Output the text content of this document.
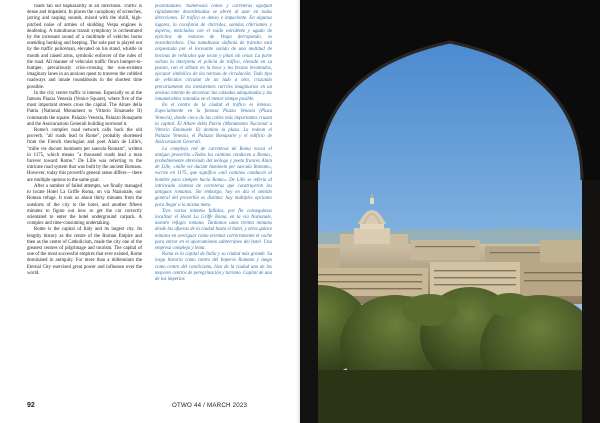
roads fan out haphazardly in all directions. Traffic is dense and impatient. In places the cacophony of screeches, jarring and rasping sounds, mixed with the shrill, high-pitched noise of armies of skidding Vespa engines is deafening. A tumultuous transit symphony is orchestrated by the incessant sound of a multitude of vehicles horns unending honking and beeping. The sole part is played out by the traffic policeman, elevated on his stand, whistle in mouth and raised arms, symbolic enforcer of the rules of the road. All manner of vehicular traffic flows bumper-to-bumper, precariously criss-crossing the non-existent imaginary lanes in an anxious quest to traverse the cobbled roadways and innate roundabouts in the shortest time possible.

In the city centre traffic is intense. Especially so at the famous Piazza Venezia (Venice Square), where five of the most important streets cross the capital. The Altare della Patria (National Monument to Vittorio Emanuele II) commands the square. Palazzo Venezia, Palazzo Bonaparte and the Assicurazioni Generali building surround it.

Rome's complex road network calls back the old proverb, "all roads lead to Rome", probably shortened from the French theologian and poet Alain de Lille's, "mille vie ducunt hominem per saecula Romam", written in 1175, which means "a thousand roads lead a man forever toward Rome." De Lille was referring to the intricate road system that was built by the ancient Romans. However, today this proverb's general sense differs— there are multiple options to the same goal.

After a number of failed attempts, we finally managed to locate Hotel La Griffe Roma, on via Nazionale, our Roman refuge. It took us about thirty minutes from the outskirts of the city to the hotel, and another fifteen minutes to figure out how to get the car correctly orientated to enter the hotel underground carpark. A complex and time-consuming undertaking.

Rome is the capital of Italy and its largest city. Its lengthy history as the centre of the Roman Empire and then as the centre of Catholicism, made the city one of the greatest centres of pilgrimage and tourism. The capital of one of the most successful empires that ever existed, Rome dominated in antiquity. For more than a millennium the Eternal City exercised great power and influence over the world.

posibilidades. Numerosas calles y carreteras agolpan rápidamente desordenadas se abren al azar en todas direcciones. El tráfico es denso e impaciente. En algunos lugares, la cacofonía de chirridos, sonidos chirriantes y ásperos, mezclados con el ruido estridente y agudo de ejércitos de motores de Vespa derrapando, es ensordecedora. Una tumultuosa sinfonía de tránsito está orquestada por el incesante sonido de una multitud de bocinas de vehículos que tocan y pitan sin cesar. La parte solista la interpreta el policía de tráfico, elevado en su puesto, con el silbato en la boca y los brazos levantados, ejecutor simbólico de las normas de circulación. Todo tipo de vehículos circulan de un lado a otro, cruzando precariamente los inexistentes carriles imaginarios en un ansioso intento de atravesar las calzadas adoquinadas y las innumerables rotondas en el menor tiempo posible.

En el centro de la ciudad el tráfico es intenso. Especialmente en la famosa Piazza Venezia (Plaza Venecia), donde cinco de las calles más importantes cruzan la capital. El Altare della Patria (Monumento Nacional a Vittorio Emanuele II) domina la plaza. La rodean el Palazzo Venezia, el Palazzo Bonaparte y el edificio de Assicurazioni Generali.

La compleja red de carreteras de Roma evoca el antiguo proverbio «Todos los caminos conducen a Roma», probablemente abreviado del teólogo y poeta francés Alain de Lille, «mille vie ducunt hominem per saecula Romam», escrito en 1175, que significa «mil caminos conducen al hombre para siempre hacia Roma». De Lille se refería al intrincado sistema de carreteras que construyeron los antiguos romanos. Sin embargo, hoy en día el sentido general del proverbio es distinto: hay múltiples opciones para llegar a la misma meta.

Tras varios intentos fallidos, por fin conseguimos localizar el Hotel La Griffe Roma, en la vía Nazionale, nuestro refugio romano. Tardamos unos treinta minutos desde las afueras de la ciudad hasta el hotel, y otros quince minutos en averiguar cómo orientar correctamente el coche para entrar en el aparcamiento subterráneo del hotel. Una empresa compleja y lenta.

Roma es la capital de Italia y su ciudad más grande. Su larga historia como centro del Imperio Romano y luego como centro del catolicismo, hizo de la ciudad uno de los mayores centros de peregrinación y turismo. Capital de una de los imperios

92	OTWO 44 / MARCH 2023
